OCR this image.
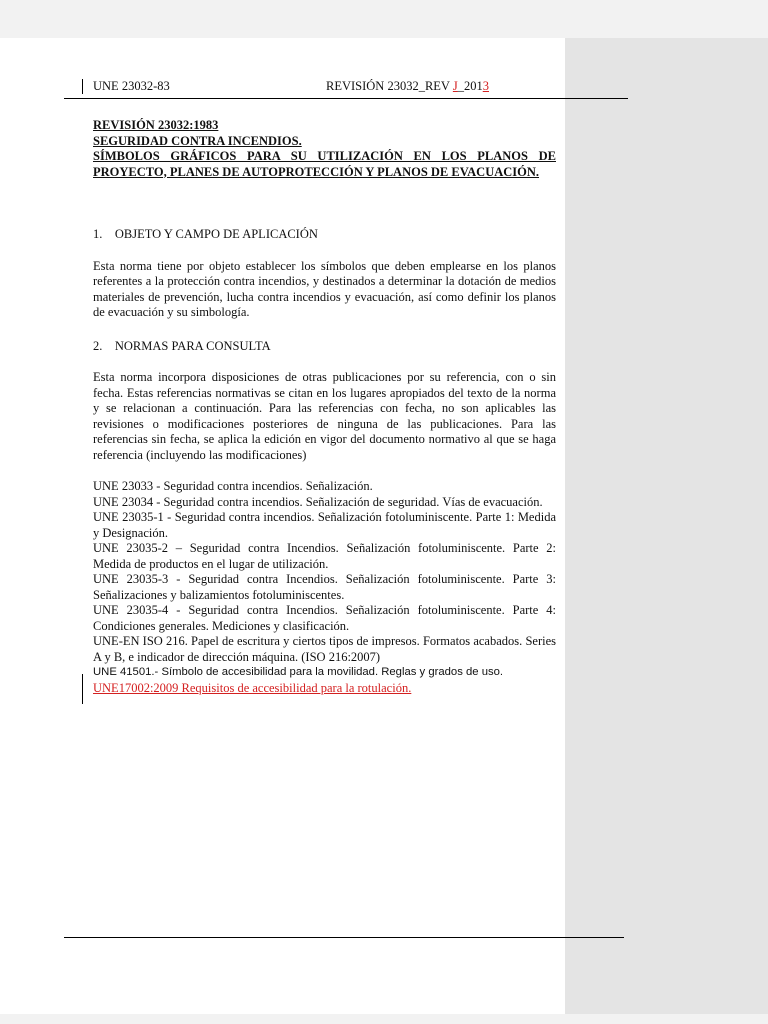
UNE 23032-83	REVISIÓN 23032_REV J_2013
REVISIÓN 23032:1983
SEGURIDAD CONTRA INCENDIOS.
SÍMBOLOS GRÁFICOS PARA SU UTILIZACIÓN EN LOS PLANOS DE PROYECTO, PLANES DE AUTOPROTECCIÓN Y PLANOS DE EVACUACIÓN.
1.    OBJETO Y CAMPO DE APLICACIÓN
Esta norma tiene por objeto establecer los símbolos que deben emplearse en los planos referentes a la protección contra incendios, y destinados a determinar la dotación de medios materiales de prevención, lucha contra incendios y evacuación, así como definir los planos de evacuación y su simbología.
2.    NORMAS PARA CONSULTA
Esta norma incorpora disposiciones de otras publicaciones por su referencia, con o sin fecha. Estas referencias normativas se citan en los lugares apropiados del texto de la norma y se relacionan a continuación. Para las referencias con fecha, no son aplicables las revisiones o modificaciones posteriores de ninguna de las publicaciones. Para las referencias sin fecha, se aplica la edición en vigor del documento normativo al que se haga referencia (incluyendo las modificaciones)
UNE 23033 - Seguridad contra incendios. Señalización.
UNE 23034 - Seguridad contra incendios. Señalización de seguridad. Vías de evacuación.
UNE 23035-1 - Seguridad contra incendios. Señalización fotoluminiscente. Parte 1: Medida y Designación.
UNE 23035-2 – Seguridad contra Incendios. Señalización fotoluminiscente. Parte 2: Medida de productos en el lugar de utilización.
UNE 23035-3 - Seguridad contra Incendios. Señalización fotoluminiscente. Parte 3: Señalizaciones y balizamientos fotoluminiscentes.
UNE 23035-4 - Seguridad contra Incendios. Señalización fotoluminiscente. Parte 4: Condiciones generales. Mediciones y clasificación.
UNE-EN ISO 216. Papel de escritura y ciertos tipos de impresos. Formatos acabados. Series A y B, e indicador de dirección máquina. (ISO 216:2007)
UNE 41501.- Símbolo de accesibilidad para la movilidad. Reglas y grados de uso.
UNE17002:2009 Requisitos de accesibilidad para la rotulación.
